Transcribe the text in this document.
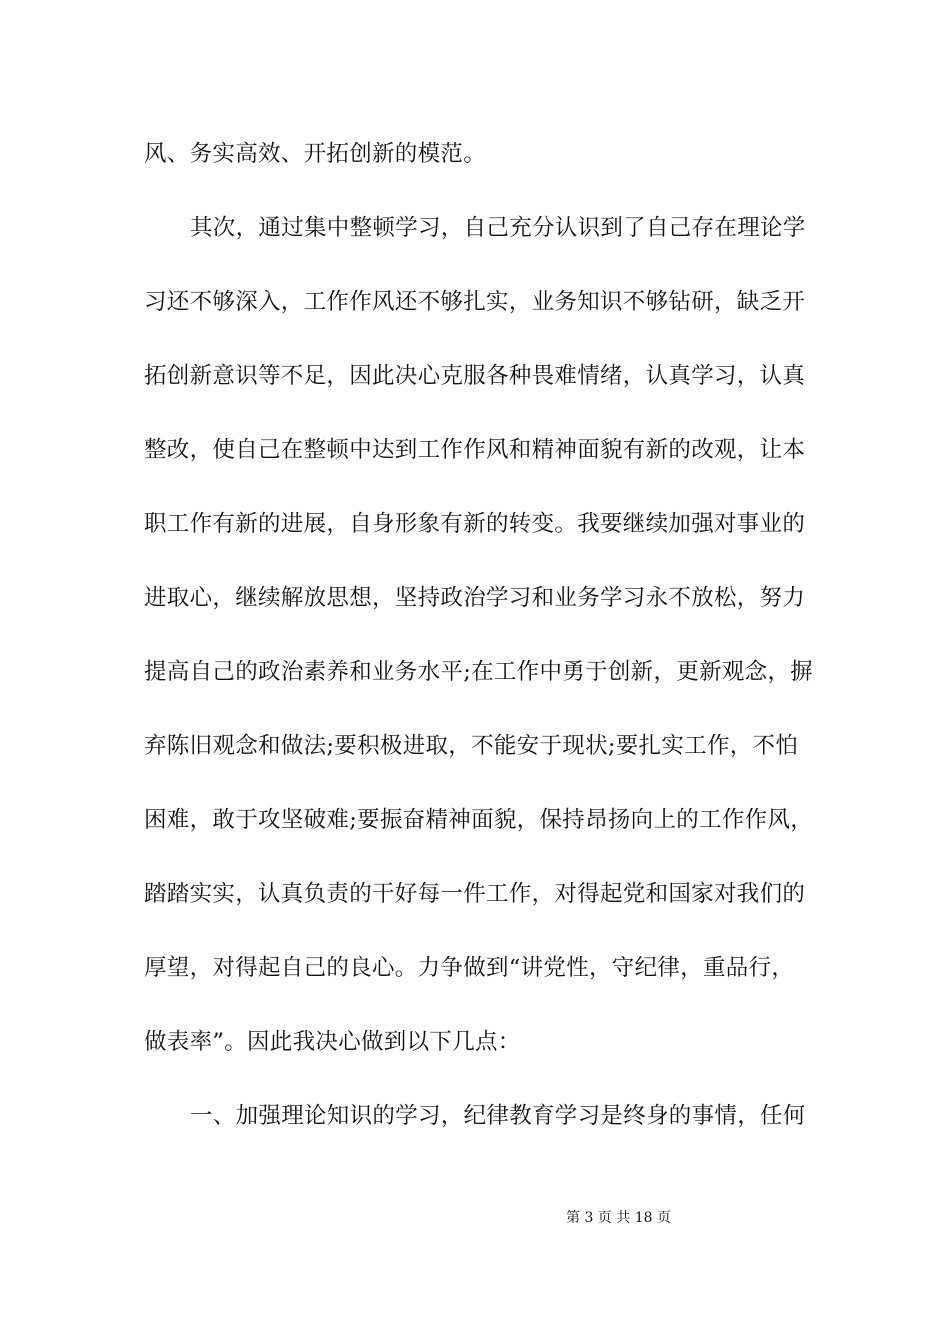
风、务实高效、开拓创新的模范。
其次，通过集中整顿学习，自己充分认识到了自己存在理论学
习还不够深入，工作作风还不够扎实，业务知识不够钻研，缺乏开
拓创新意识等不足，因此决心克服各种畏难情绪，认真学习，认真
整改，使自己在整顿中达到工作作风和精神面貌有新的改观，让本
职工作有新的进展，自身形象有新的转变。我要继续加强对事业的
进取心，继续解放思想，坚持政治学习和业务学习永不放松，努力
提高自己的政治素养和业务水平;在工作中勇于创新，更新观念，摒
弃陈旧观念和做法;要积极进取，不能安于现状;要扎实工作，不怕
困难，敢于攻坚破难;要振奋精神面貌，保持昂扬向上的工作作风，
踏踏实实，认真负责的干好每一件工作，对得起党和国家对我们的
厚望，对得起自己的良心。力争做到“讲党性，守纪律，重品行，
做表率”。因此我决心做到以下几点：
一、加强理论知识的学习，纪律教育学习是终身的事情，任何
第 3 页 共 18 页
